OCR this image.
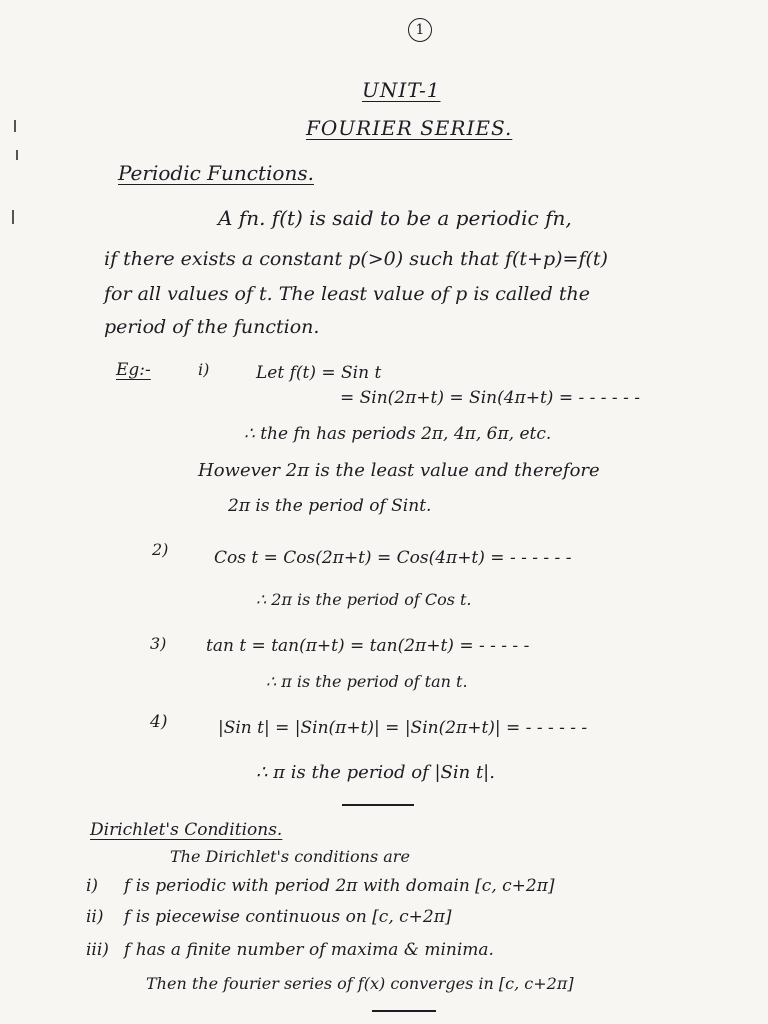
1
UNIT-1
FOURIER SERIES.
Periodic Functions.
A fn. f(t) is said to be a periodic fn,
if there exists a constant p(>0) such that f(t+p)=f(t)
for all values of t. The least value of p is called the
period of the function.
Eg:-	i)	Let f(t) = Sin t
= Sin(2π+t) = Sin(4π+t) = - - - - - -
∴ the fn has periods 2π, 4π, 6π, etc.
However 2π is the least value and therefore
2π is the period of Sint.
2)	Cos t = Cos(2π+t) = Cos(4π+t) = - - - - - -
∴ 2π is the period of Cos t.
3) tan t = tan(π+t) = tan(2π+t) = - - - - -
∴ π is the period of tan t.
4)	|Sin t| = |Sin(π+t)| = |Sin(2π+t)| = - - - - - -
∴ π is the period of |Sin t|.
Dirichlet's Conditions.
The Dirichlet's conditions are
i) f is periodic with period 2π with domain [c, c+2π]
ii) f is piecewise continuous on [c, c+2π]
iii) f has a finite number of maxima & minima.
Then the fourier series of f(x) converges in [c, c+2π]
